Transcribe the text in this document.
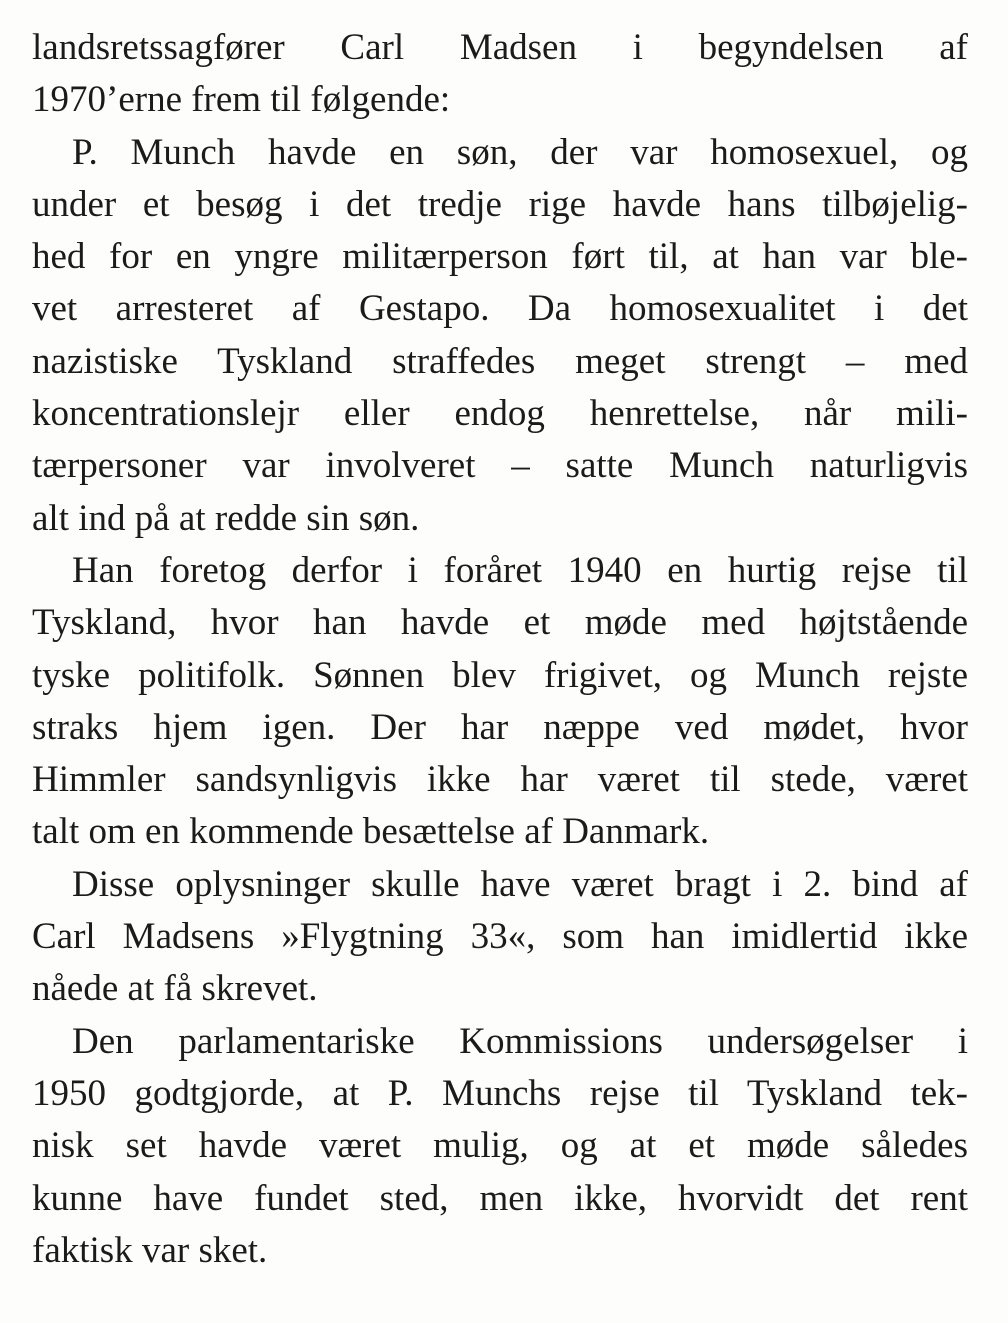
landsretssagfører Carl Madsen i begyndelsen af
1970’erne frem til følgende:
P. Munch havde en søn, der var homosexuel, og
under et besøg i det tredje rige havde hans tilbøjelig-
hed for en yngre militærperson ført til, at han var ble-
vet arresteret af Gestapo. Da homosexualitet i det
nazistiske Tyskland straffedes meget strengt – med
koncentrationslejr eller endog henrettelse, når mili-
tærpersoner var involveret – satte Munch naturligvis
alt ind på at redde sin søn.
Han foretog derfor i foråret 1940 en hurtig rejse til
Tyskland, hvor han havde et møde med højtstående
tyske politifolk. Sønnen blev frigivet, og Munch rejste
straks hjem igen. Der har næppe ved mødet, hvor
Himmler sandsynligvis ikke har været til stede, været
talt om en kommende besættelse af Danmark.
Disse oplysninger skulle have været bragt i 2. bind af
Carl Madsens »Flygtning 33«, som han imidlertid ikke
nåede at få skrevet.
Den parlamentariske Kommissions undersøgelser i
1950 godtgjorde, at P. Munchs rejse til Tyskland tek-
nisk set havde været mulig, og at et møde således
kunne have fundet sted, men ikke, hvorvidt det rent
faktisk var sket.
